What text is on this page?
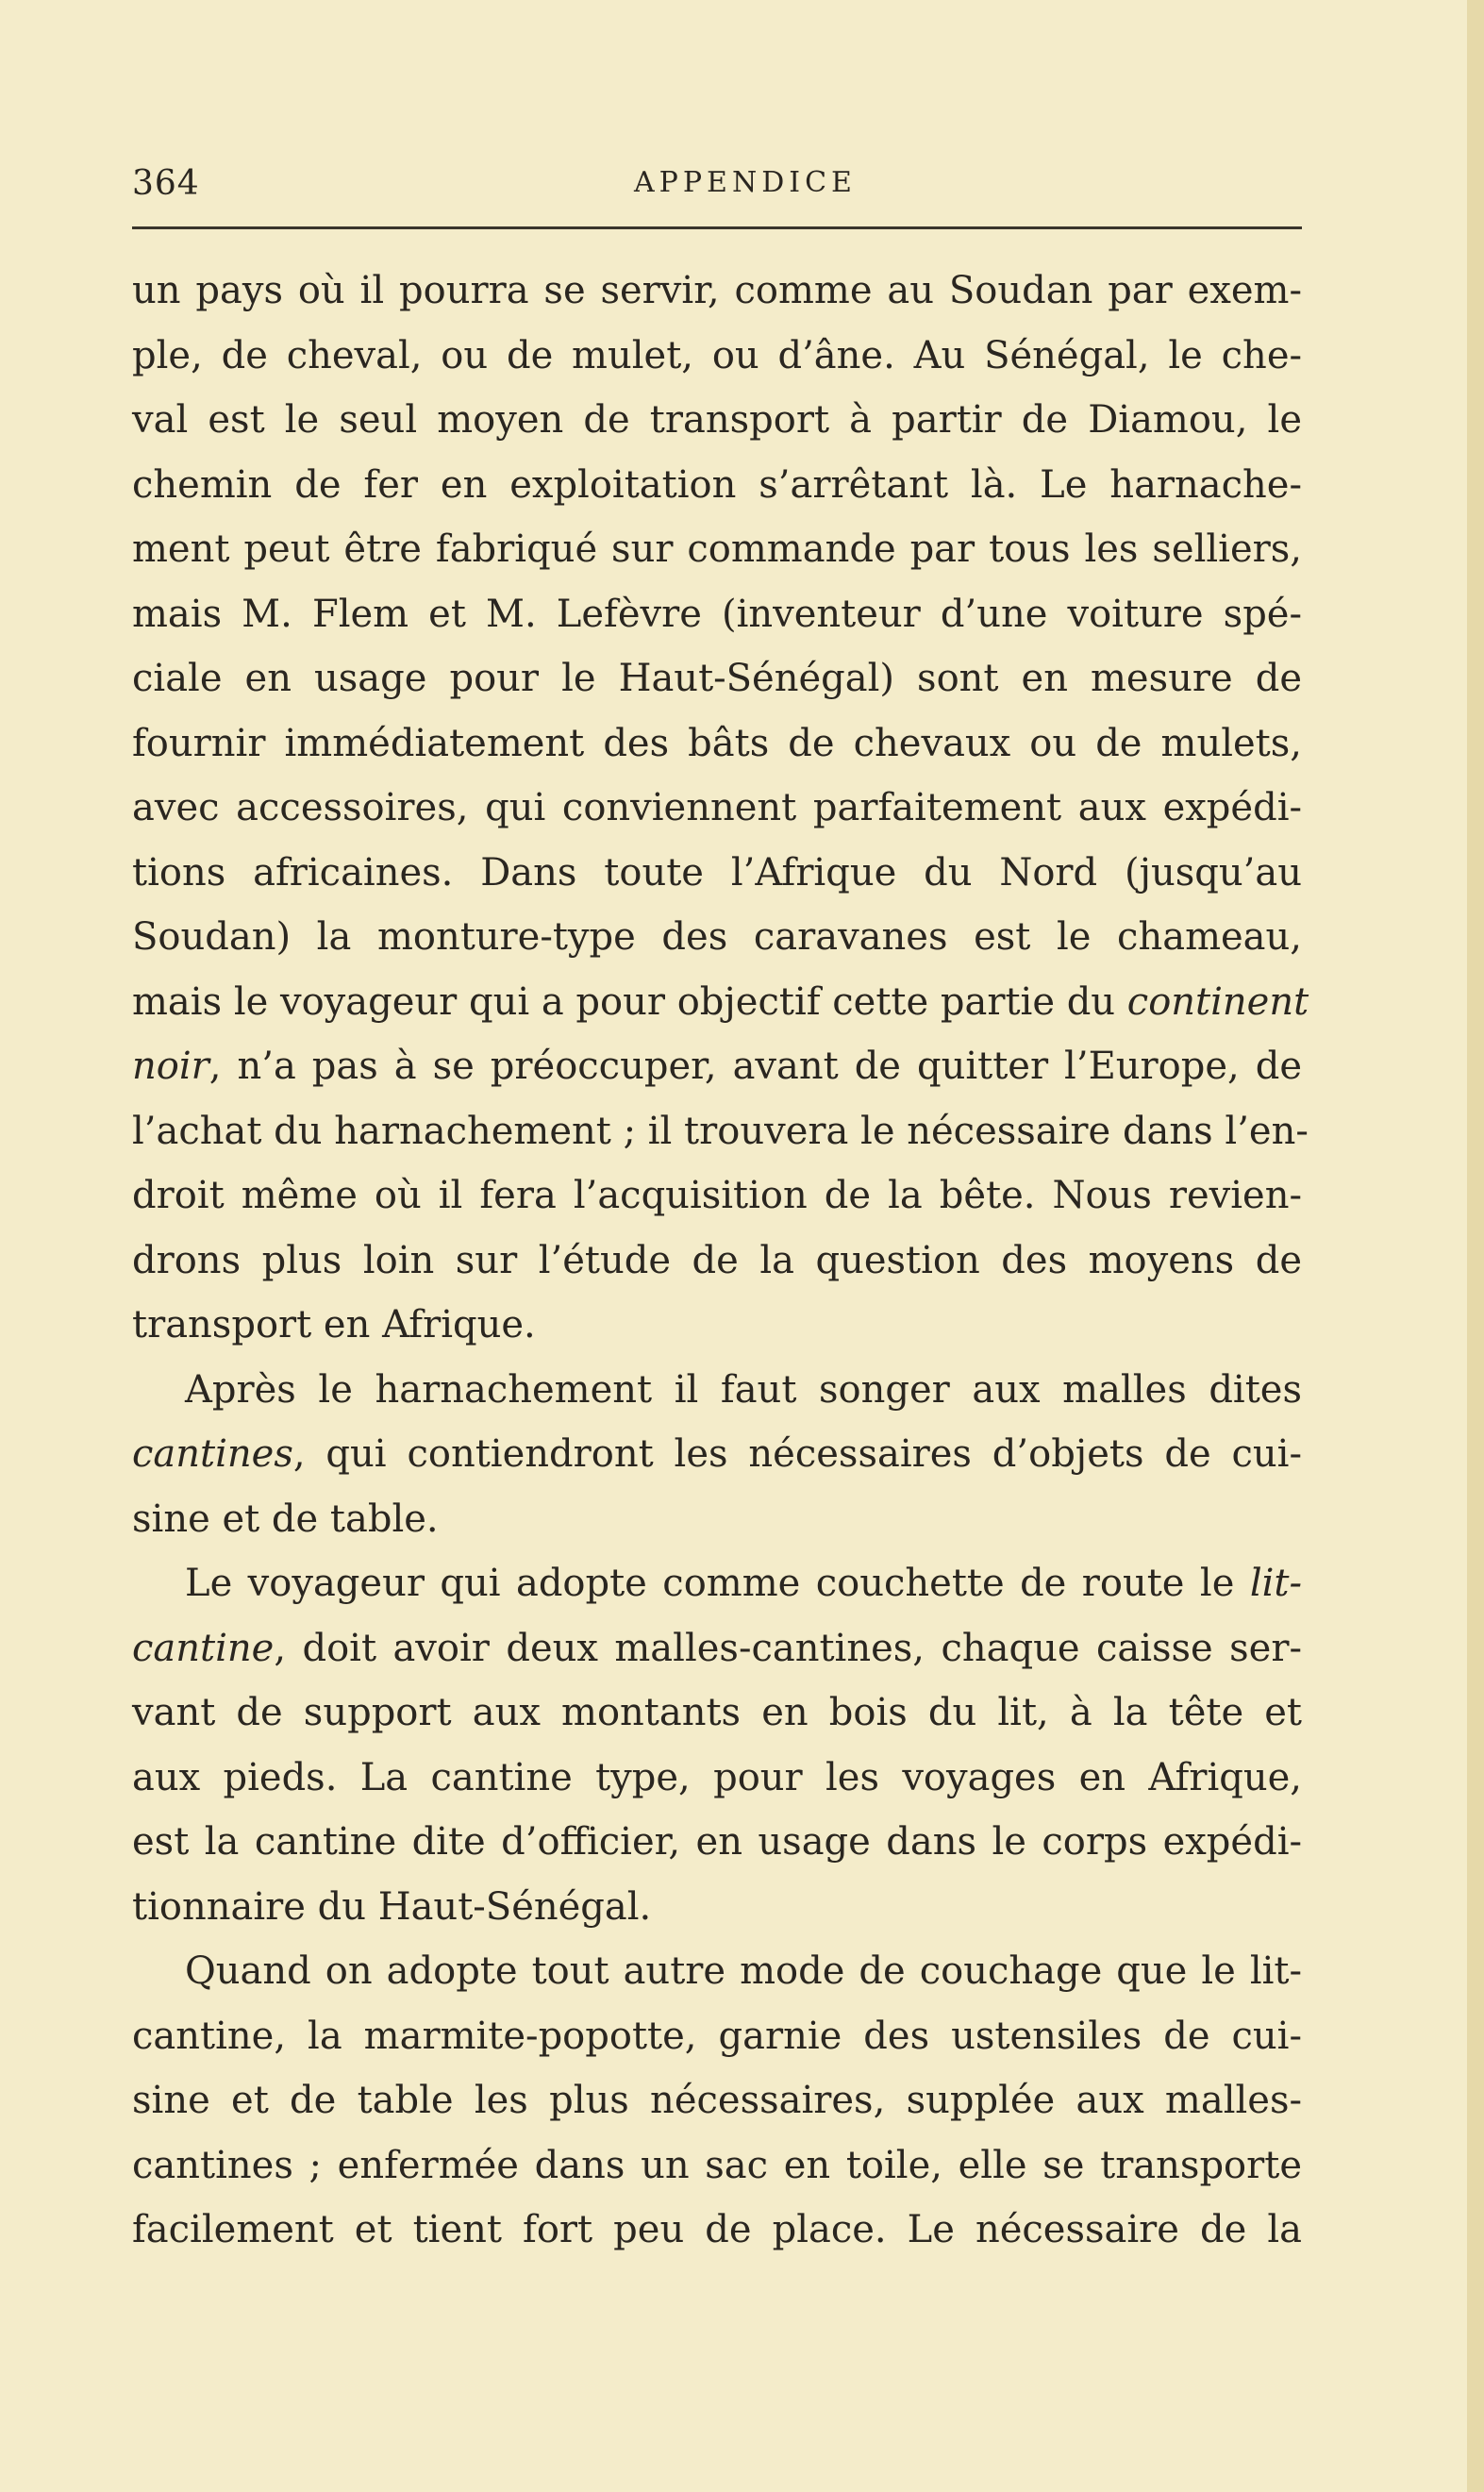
364	APPENDICE
un pays où il pourra se servir, comme au Soudan par exem-
ple, de cheval, ou de mulet, ou d’âne. Au Sénégal, le che-
val est le seul moyen de transport à partir de Diamou, le
chemin de fer en exploitation s’arrêtant là. Le harnache-
ment peut être fabriqué sur commande par tous les selliers,
mais M. Flem et M. Lefèvre (inventeur d’une voiture spé-
ciale en usage pour le Haut-Sénégal) sont en mesure de
fournir immédiatement des bâts de chevaux ou de mulets,
avec accessoires, qui conviennent parfaitement aux expédi-
tions africaines. Dans toute l’Afrique du Nord (jusqu’au
Soudan) la monture-type des caravanes est le chameau,
mais le voyageur qui a pour objectif cette partie du continent
noir, n’a pas à se préoccuper, avant de quitter l’Europe, de
l’achat du harnachement ; il trouvera le nécessaire dans l’en-
droit même où il fera l’acquisition de la bête. Nous revien-
drons plus loin sur l’étude de la question des moyens de
transport en Afrique.
Après le harnachement il faut songer aux malles dites
cantines, qui contiendront les nécessaires d’objets de cui-
sine et de table.
Le voyageur qui adopte comme couchette de route le lit-
cantine, doit avoir deux malles-cantines, chaque caisse ser-
vant de support aux montants en bois du lit, à la tête et
aux pieds. La cantine type, pour les voyages en Afrique,
est la cantine dite d’officier, en usage dans le corps expédi-
tionnaire du Haut-Sénégal.
Quand on adopte tout autre mode de couchage que le lit-
cantine, la marmite-popotte, garnie des ustensiles de cui-
sine et de table les plus nécessaires, supplée aux malles-
cantines ; enfermée dans un sac en toile, elle se transporte
facilement et tient fort peu de place. Le nécessaire de la
